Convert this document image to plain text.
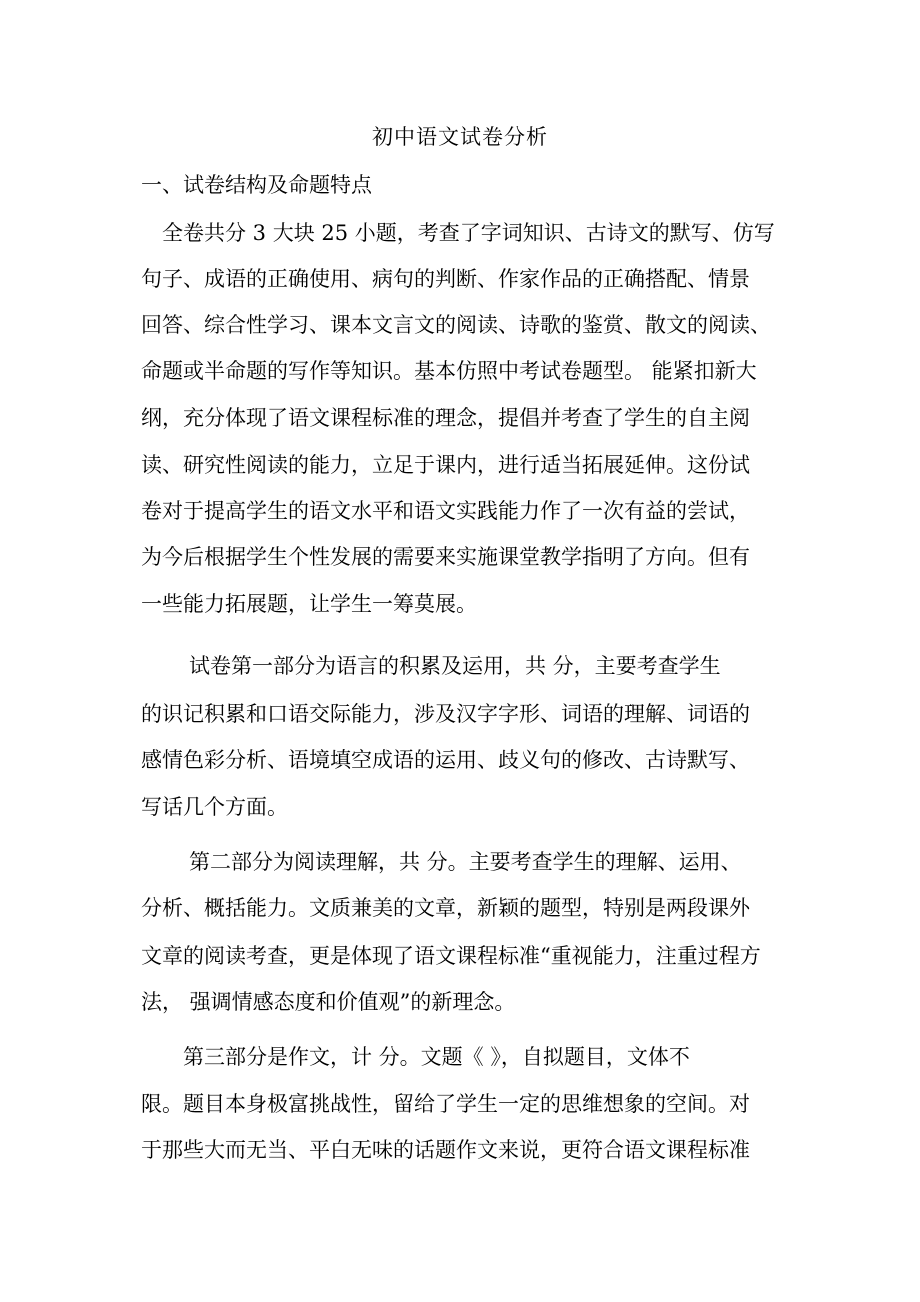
初中语文试卷分析
一、试卷结构及命题特点
全卷共分 3 大块 25 小题，考查了字词知识、古诗文的默写、仿写
句子、成语的正确使用、病句的判断、作家作品的正确搭配、情景
回答、综合性学习、课本文言文的阅读、诗歌的鉴赏、散文的阅读、
命题或半命题的写作等知识。基本仿照中考试卷题型。 能紧扣新大
纲，充分体现了语文课程标准的理念，提倡并考查了学生的自主阅
读、研究性阅读的能力，立足于课内，进行适当拓展延伸。这份试
卷对于提高学生的语文水平和语文实践能力作了一次有益的尝试，
为今后根据学生个性发展的需要来实施课堂教学指明了方向。但有
一些能力拓展题，让学生一筹莫展。
试卷第一部分为语言的积累及运用，共 分，主要考查学生
的识记积累和口语交际能力，涉及汉字字形、词语的理解、词语的
感情色彩分析、语境填空成语的运用、歧义句的修改、古诗默写、
写话几个方面。
第二部分为阅读理解，共 分。主要考查学生的理解、运用、
分析、概括能力。文质兼美的文章，新颖的题型，特别是两段课外
文章的阅读考查，更是体现了语文课程标准“重视能力，注重过程方
法， 强调情感态度和价值观”的新理念。
第三部分是作文，计 分。文题《 》，自拟题目，文体不
限。题目本身极富挑战性，留给了学生一定的思维想象的空间。对
于那些大而无当、平白无味的话题作文来说，更符合语文课程标准
